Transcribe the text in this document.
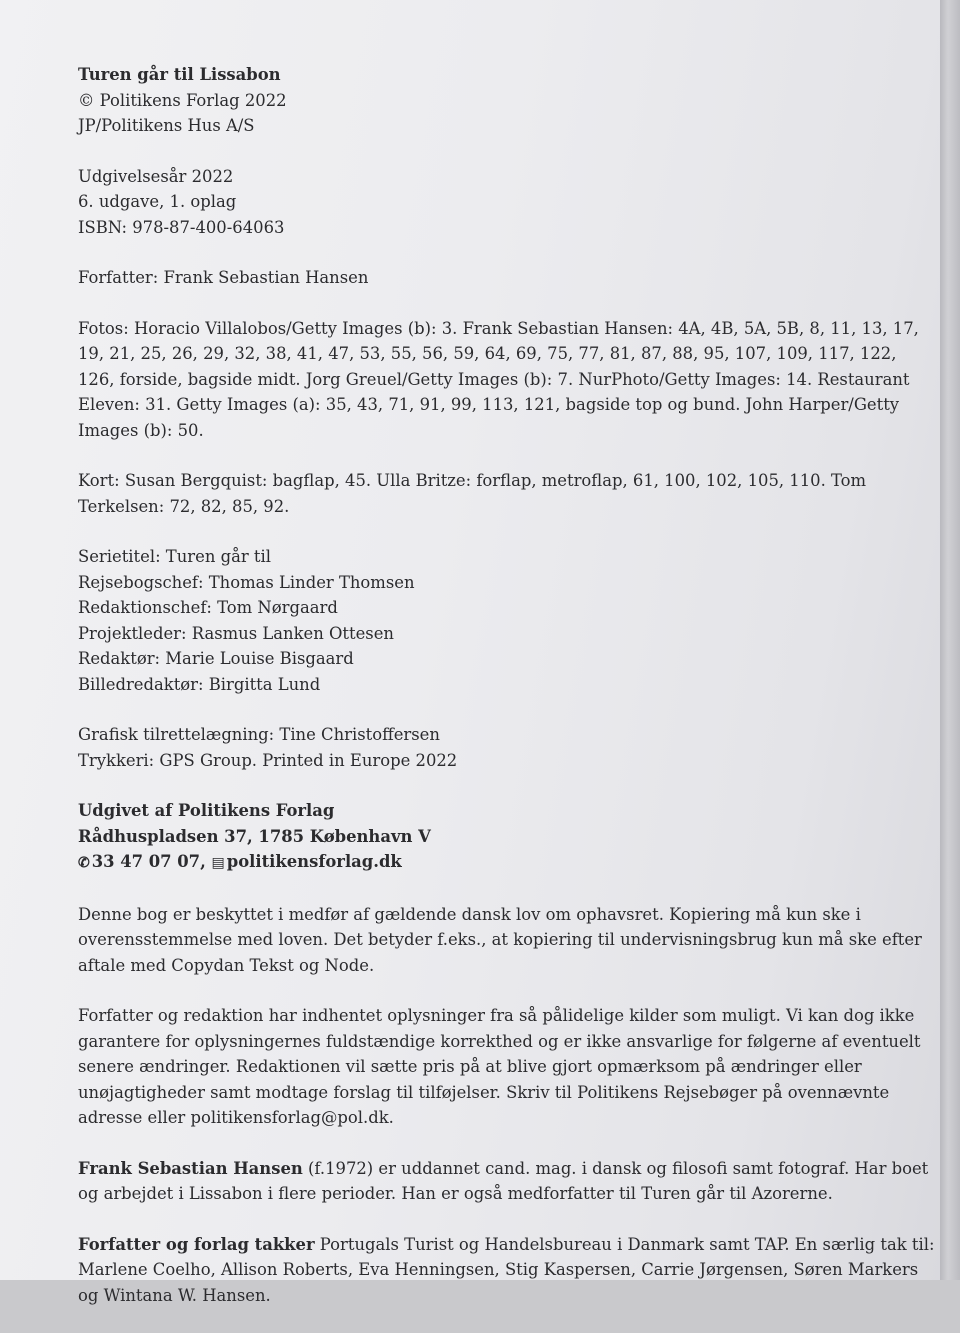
Turen går til Lissabon

© Politikens Forlag 2022

JP/Politikens Hus A/S

Udgivelsesår 2022

6. udgave, 1. oplag

ISBN: 978-87-400-64063

Forfatter: Frank Sebastian Hansen

Fotos: Horacio Villalobos/Getty Images (b): 3. Frank Sebastian Hansen: 4A, 4B, 5A, 5B, 8, 11, 13, 17, 19, 21, 25, 26, 29, 32, 38, 41, 47, 53, 55, 56, 59, 64, 69, 75, 77, 81, 87, 88, 95, 107, 109, 117, 122, 126, forside, bagside midt. Jorg Greuel/Getty Images (b): 7. NurPhoto/Getty Images: 14. Restaurant Eleven: 31. Getty Images (a): 35, 43, 71, 91, 99, 113, 121, bagside top og bund. John Harper/Getty Images (b): 50.

Kort: Susan Bergquist: bagflap, 45. Ulla Britze: forflap, metroflap, 61, 100, 102, 105, 110. Tom Terkelsen: 72, 82, 85, 92.

Serietitel: Turen går til

Rejsebogschef: Thomas Linder Thomsen

Redaktionschef: Tom Nørgaard

Projektleder: Rasmus Lanken Ottesen

Redaktør: Marie Louise Bisgaard

Billedredaktør: Birgitta Lund

Grafisk tilrettelægning: Tine Christoffersen

Trykkeri: GPS Group. Printed in Europe 2022

Udgivet af Politikens Forlag

Rådhuspladsen 37, 1785 København V

✆ 33 47 07 07, ▤ politikensforlag.dk

Denne bog er beskyttet i medfør af gældende dansk lov om ophavsret. Kopiering må kun ske i overensstemmelse med loven. Det betyder f.eks., at kopiering til undervisningsbrug kun må ske efter aftale med Copydan Tekst og Node.

Forfatter og redaktion har indhentet oplysninger fra så pålidelige kilder som muligt. Vi kan dog ikke garantere for oplysningernes fuldstændige korrekthed og er ikke ansvarlige for følgerne af eventuelt senere ændringer. Redaktionen vil sætte pris på at blive gjort opmærksom på ændringer eller unøjagtigheder samt modtage forslag til tilføjelser. Skriv til Politikens Rejsebøger på ovennævnte adresse eller politikensforlag@pol.dk.

Frank Sebastian Hansen (f.1972) er uddannet cand. mag. i dansk og filosofi samt fotograf. Har boet og arbejdet i Lissabon i flere perioder. Han er også medforfatter til Turen går til Azorerne.

Forfatter og forlag takker Portugals Turist og Handelsbureau i Danmark samt TAP. En særlig tak til: Marlene Coelho, Allison Roberts, Eva Henningsen, Stig Kaspersen, Carrie Jørgensen, Søren Markers og Wintana W. Hansen.
